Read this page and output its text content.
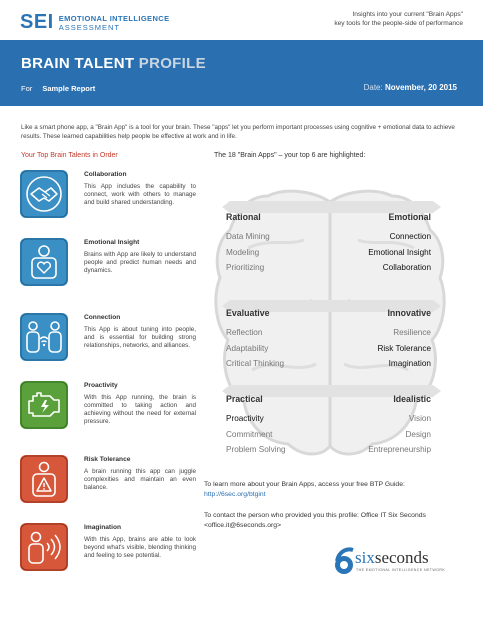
SEI EMOTIONAL INTELLIGENCE
ASSESSMENT
Insights into your current "Brain Apps"
key tools for the people-side of performance
BRAIN TALENT PROFILE
For Sample Report	Date: November, 20 2015

Like a smart phone app, a "Brain App" is a tool for your brain. These "apps" let you perform important processes using cognitive + emotional data to achieve results. These learned capabilities help people be effective at work and in life.

Your Top Brain Talents in Order
Collaboration
This App includes the capability to connect, work with others to manage and build shared understanding.
Emotional Insight
Brains with App are likely to understand people and predict human needs and dynamics.
Connection
This App is about tuning into people, and is essential for building strong relationships, networks, and alliances.
Proactivity
With this App running, the brain is committed to taking action and achieving without the need for external pressure.
Risk Tolerance
A brain running this app can juggle complexities and maintain an even balance.
Imagination
With this App, brains are able to look beyond what's visible, blending thinking and feeling to see potential.
The 18 "Brain Apps" – your top 6 are highlighted:
Rational
Data Mining
Modeling
Prioritizing
Emotional
Connection
Emotional Insight
Collaboration
Evaluative
Reflection
Adaptability
Critical Thinking
Innovative
Resilience
Risk Tolerance
Imagination
Practical
Proactivity
Commitment
Problem Solving
Idealistic
Vision
Design
Entrepreneurship
To learn more about your Brain Apps, access your free BTP Guide:
http://6sec.org/btgint
To contact the person who provided you this profile: Office IT Six Seconds <office.it@6seconds.org>
sixseconds
THE EMOTIONAL INTELLIGENCE NETWORK
